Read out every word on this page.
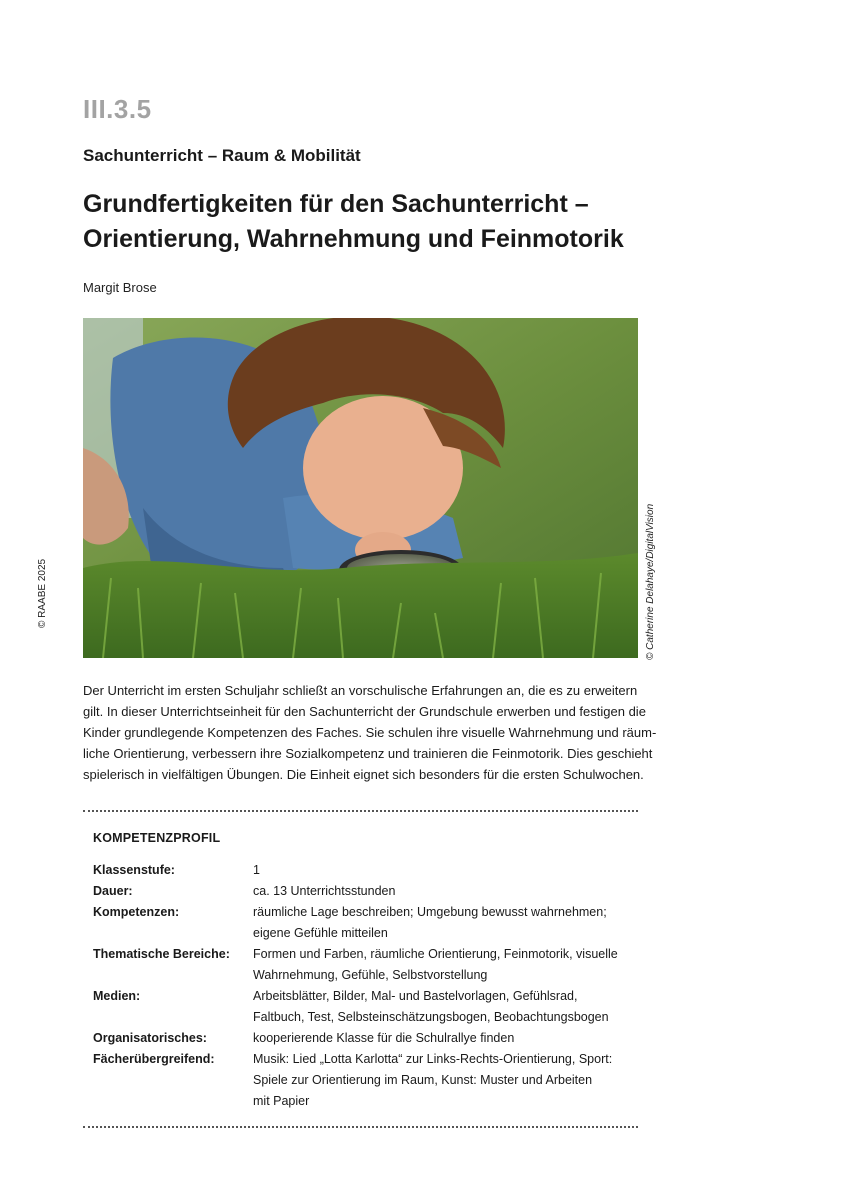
III.3.5
Sachunterricht – Raum & Mobilität
Grundfertigkeiten für den Sachunterricht –
Orientierung, Wahrnehmung und Feinmotorik
Margit Brose
© Catherine Delahaye/DigitalVision
© RAABE 2025
Der Unterricht im ersten Schuljahr schließt an vorschulische Erfahrungen an, die es zu erweitern
gilt. In dieser Unterrichtseinheit für den Sachunterricht der Grundschule erwerben und festigen die
Kinder grundlegende Kompetenzen des Faches. Sie schulen ihre visuelle Wahrnehmung und räum-
liche Orientierung, verbessern ihre Sozialkompetenz und trainieren die Feinmotorik. Dies geschieht
spielerisch in vielfältigen Übungen. Die Einheit eignet sich besonders für die ersten Schulwochen.
KOMPETENZPROFIL
Klassenstufe:	1
Dauer:	ca. 13 Unterrichtsstunden
Kompetenzen:	räumliche Lage beschreiben; Umgebung bewusst wahrnehmen;
eigene Gefühle mitteilen
Thematische Bereiche:	Formen und Farben, räumliche Orientierung, Feinmotorik, visuelle
Wahrnehmung, Gefühle, Selbstvorstellung
Medien:	Arbeitsblätter, Bilder, Mal- und Bastelvorlagen, Gefühlsrad,
Faltbuch, Test, Selbsteinschätzungsbogen, Beobachtungsbogen
Organisatorisches:	kooperierende Klasse für die Schulrallye finden
Fächerübergreifend:	Musik: Lied „Lotta Karlotta“ zur Links-Rechts-Orientierung, Sport:
Spiele zur Orientierung im Raum, Kunst: Muster und Arbeiten
mit Papier
